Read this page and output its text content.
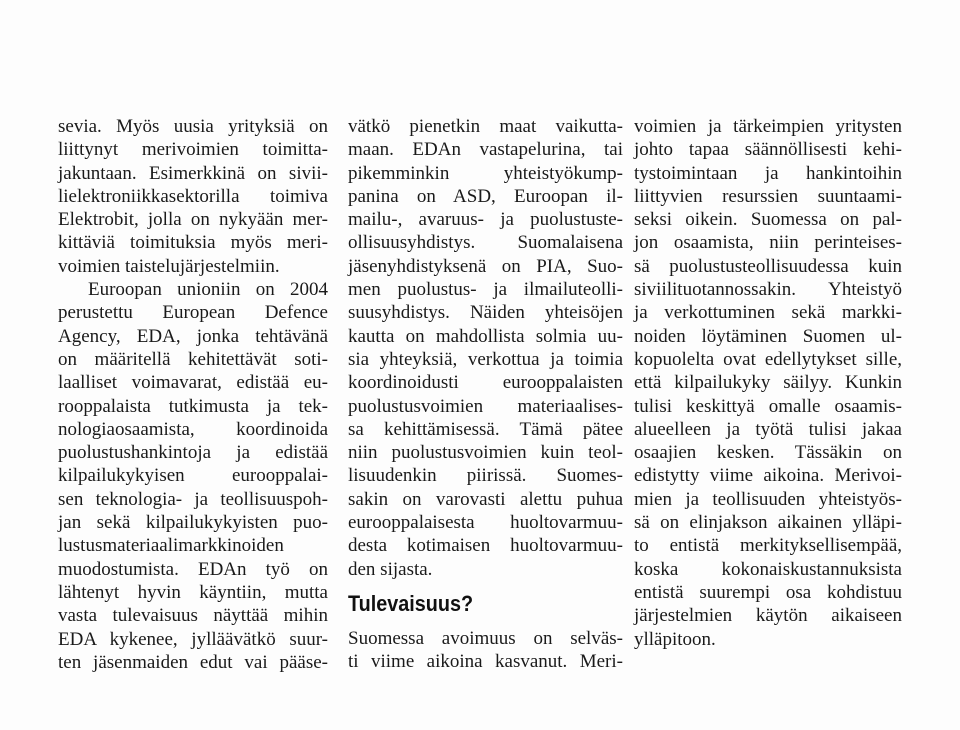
sevia. Myös uusia yrityksiä on
liittynyt merivoimien toimitta-
jakuntaan. Esimerkkinä on sivii-
lielektroniikkasektorilla toimiva
Elektrobit, jolla on nykyään mer-
kittäviä toimituksia myös meri-
voimien taistelujärjestelmiin.
Euroopan unioniin on 2004
perustettu European Defence
Agency, EDA, jonka tehtävänä
on määritellä kehitettävät soti-
laalliset voimavarat, edistää eu-
rooppalaista tutkimusta ja tek-
nologiaosaamista, koordinoida
puolustushankintoja ja edistää
kilpailukykyisen eurooppalai-
sen teknologia- ja teollisuuspoh-
jan sekä kilpailukykyisten puo-
lustusmateriaalimarkkinoiden
muodostumista. EDAn työ on
lähtenyt hyvin käyntiin, mutta
vasta tulevaisuus näyttää mihin
EDA kykenee, jylläävätkö suur-
ten jäsenmaiden edut vai pääse-
vätkö pienetkin maat vaikutta-
maan. EDAn vastapelurina, tai
pikemminkin yhteistyökump-
panina on ASD, Euroopan il-
mailu-, avaruus- ja puolustuste-
ollisuusyhdistys. Suomalaisena
jäsenyhdistyksenä on PIA, Suo-
men puolustus- ja ilmailuteolli-
suusyhdistys. Näiden yhteisöjen
kautta on mahdollista solmia uu-
sia yhteyksiä, verkottua ja toimia
koordinoidusti eurooppalaisten
puolustusvoimien materiaalises-
sa kehittämisessä. Tämä pätee
niin puolustusvoimien kuin teol-
lisuudenkin piirissä. Suomes-
sakin on varovasti alettu puhua
eurooppalaisesta huoltovarmuu-
desta kotimaisen huoltovarmuu-
den sijasta.
Tulevaisuus?
Suomessa avoimuus on selväs-
ti viime aikoina kasvanut. Meri-
voimien ja tärkeimpien yritysten
johto tapaa säännöllisesti kehi-
tystoimintaan ja hankintoihin
liittyvien resurssien suuntaami-
seksi oikein. Suomessa on pal-
jon osaamista, niin perinteises-
sä puolustusteollisuudessa kuin
siviilituotannossakin. Yhteistyö
ja verkottuminen sekä markki-
noiden löytäminen Suomen ul-
kopuolelta ovat edellytykset sille,
että kilpailukyky säilyy. Kunkin
tulisi keskittyä omalle osaamis-
alueelleen ja työtä tulisi jakaa
osaajien kesken. Tässäkin on
edistytty viime aikoina. Merivoi-
mien ja teollisuuden yhteistyös-
sä on elinjakson aikainen ylläpi-
to entistä merkityksellisempää,
koska kokonaiskustannuksista
entistä suurempi osa kohdistuu
järjestelmien käytön aikaiseen
ylläpitoon.
